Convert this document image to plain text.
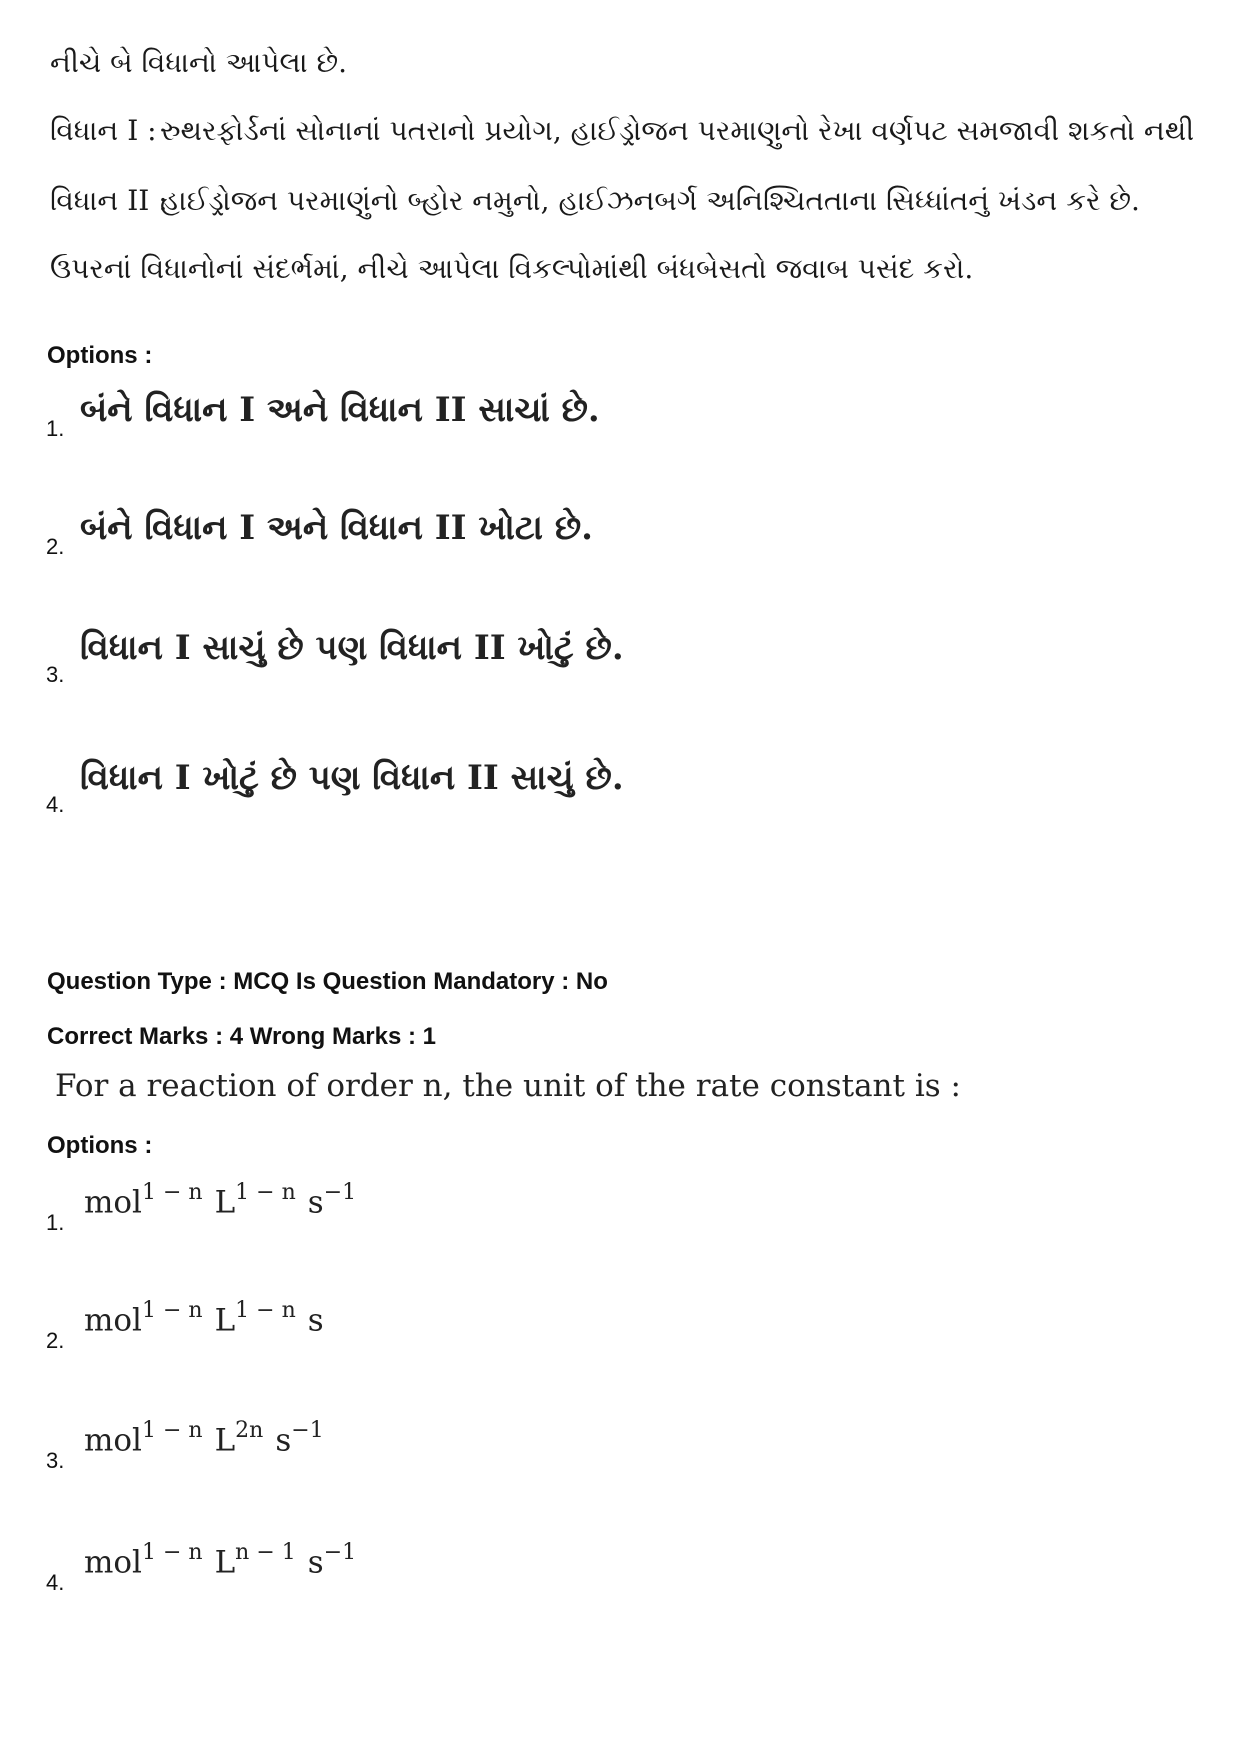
નીચે બે વિધાનો આપેલા છે.
વિધાન I : રુથરફોર્ડનાં સોનાનાં પતરાનો પ્રયોગ, હાઈડ્રોજન પરમાણુનો રેખા વર્ણપટ સમજાવી શકતો નથી
વિધાન II :હાઈડ્રોજન પરમાણુંનો બ્હોર નમુનો, હાઈઝનબર્ગ અનિશ્ચિતતાના સિધ્ધાંતનું ખંડન કરે છે.
ઉપરનાં વિધાનોનાં સંદર્ભમાં, નીચે આપેલા વિકલ્પોમાંથી બંધબેસતો જવાબ પસંદ કરો.
Options :
1. બંને વિધાન I અને વિધાન II સાચાં છે.
2. બંને વિધાન I અને વિધાન II ખોટા છે.
3.
વિધાન I સાચું છે પણ વિધાન II ખોટું છે.
4.
વિધાન I ખોટું છે પણ વિધાન II સાચું છે.
Question Type : MCQ Is Question Mandatory : No
Correct Marks : 4 Wrong Marks : 1
For a reaction of order n, the unit of the rate constant is :
Options :
1.
mol$^{1 - n}$ $L^{1 - n}$ $s^{-1}$
2.
mol$^{1 - n}$ $L^{1 - n}$ s
3.
mol$^{1 - n}$ $L^{2n}$ $s^{-1}$
4.
mol$^{1 - n}$ $L^{n - 1}$ $s^{-1}$
